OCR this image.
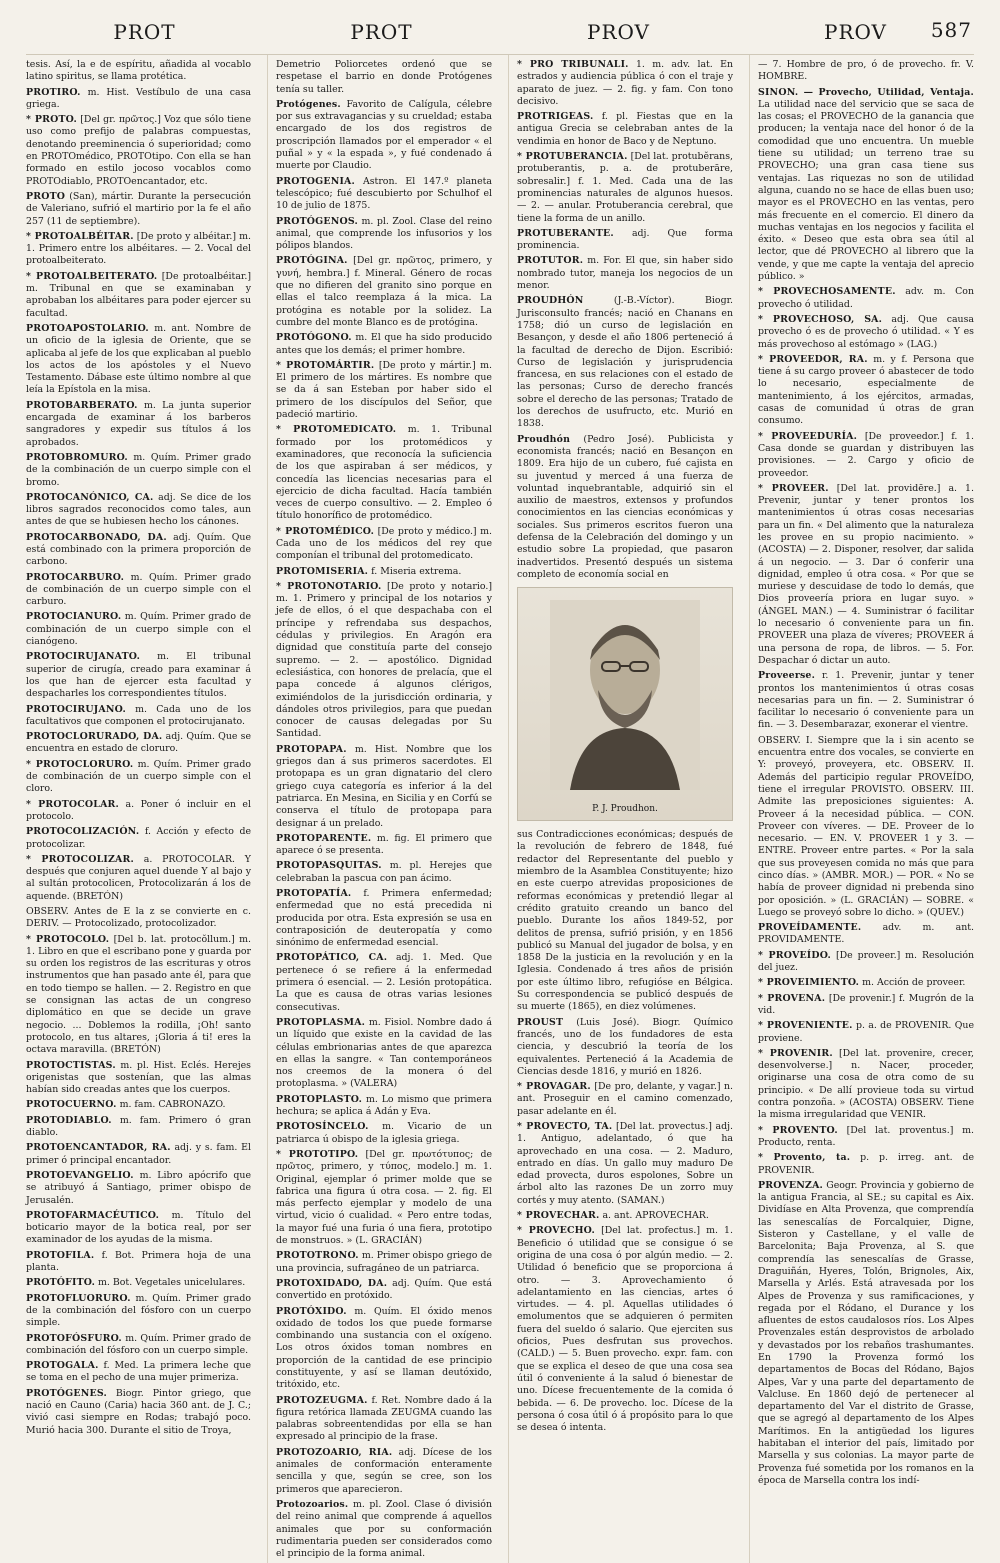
PROT	PROT	PROV	PROV 587

tesis. Así, la e de espíritu, añadida al vocablo latino spiritus, se llama protética.

PROTIRO. m. Hist. Vestíbulo de una casa griega.

* PROTO. [Del gr. πρῶτος.] Voz que sólo tiene uso como prefijo de palabras compuestas, denotando preeminencia ó superioridad; como en PROTOmédico, PROTOtipo. Con ella se han formado en estilo jocoso vocablos como PROTOdiablo, PROTOencantador, etc.

PROTO (San), mártir. Durante la persecución de Valeriano, sufrió el martirio por la fe el año 257 (11 de septiembre).

* PROTOALBÉITAR. [De proto y albéitar.] m. 1. Primero entre los albéitares. — 2. Vocal del protoalbeiterato.

* PROTOALBEITERATO. [De protoalbéitar.] m. Tribunal en que se examinaban y aprobaban los albéitares para poder ejercer su facultad.

PROTOAPOSTOLARIO. m. ant. Nombre de un oficio de la iglesia de Oriente, que se aplicaba al jefe de los que explicaban al pueblo los actos de los apóstoles y el Nuevo Testamento. Dábase este último nombre al que leía la Epístola en la misa.

PROTOBARBERATO. m. La junta superior encargada de examinar á los barberos sangradores y expedir sus títulos á los aprobados.

PROTOBROMURO. m. Quím. Primer grado de la combinación de un cuerpo simple con el bromo.

PROTOCANÓNICO, CA. adj. Se dice de los libros sagrados reconocidos como tales, aun antes de que se hubiesen hecho los cánones.

PROTOCARBONADO, DA. adj. Quím. Que está combinado con la primera proporción de carbono.

PROTOCARBURO. m. Quím. Primer grado de combinación de un cuerpo simple con el carburo.

PROTOCIANURO. m. Quím. Primer grado de combinación de un cuerpo simple con el cianógeno.

PROTOCIRUJANATO. m. El tribunal superior de cirugía, creado para examinar á los que han de ejercer esta facultad y despacharles los correspondientes títulos.

PROTOCIRUJANO. m. Cada uno de los facultativos que componen el protocirujanato.

PROTOCLORURADO, DA. adj. Quím. Que se encuentra en estado de cloruro.

* PROTOCLORURO. m. Quím. Primer grado de combinación de un cuerpo simple con el cloro.

* PROTOCOLAR. a. Poner ó incluir en el protocolo.

PROTOCOLIZACIÓN. f. Acción y efecto de protocolizar.

* PROTOCOLIZAR. a. PROTOCOLAR. Y después que conjuren aquel duende Y al bajo y al sultán protocolicen, Protocolizarán á los de aquende. (BRETÓN)

OBSERV. Antes de E la z se convierte en c. DERIV. — Protocolizado, protocolizador.

* PROTOCOLO. [Del b. lat. protocŏllum.] m. 1. Libro en que el escribano pone y guarda por su orden los registros de las escrituras y otros instrumentos que han pasado ante él, para que en todo tiempo se hallen. — 2. Registro en que se consignan las actas de un congreso diplomático en que se decide un grave negocio. ... Doblemos la rodilla, ¡Oh! santo protocolo, en tus altares, ¡Gloria á ti! eres la octava maravilla. (BRETÓN)

PROTOCTISTAS. m. pl. Hist. Eclés. Herejes origenistas que sostenían, que las almas habían sido creadas antes que los cuerpos.

PROTOCUERNO. m. fam. CABRONAZO.

PROTODIABLO. m. fam. Primero ó gran diablo.

PROTOENCANTADOR, RA. adj. y s. fam. El primer ó principal encantador.

PROTOEVANGELIO. m. Libro apócrifo que se atribuyó á Santiago, primer obispo de Jerusalén.

PROTOFARMACÉUTICO. m. Título del boticario mayor de la botica real, por ser examinador de los ayudas de la misma.

PROTOFILA. f. Bot. Primera hoja de una planta.

PROTÓFITO. m. Bot. Vegetales unicelulares.

PROTOFLUORURO. m. Quím. Primer grado de la combinación del fósforo con un cuerpo simple.

PROTOFÓSFURO. m. Quím. Primer grado de combinación del fósforo con un cuerpo simple.

PROTOGALA. f. Med. La primera leche que se toma en el pecho de una mujer primeriza.

PROTÓGENES. Biogr. Pintor griego, que nació en Cauno (Caria) hacia 360 ant. de J. C.; vivió casi siempre en Rodas; trabajó poco. Murió hacia 300. Durante el sitio de Troya,

Demetrio Poliorcetes ordenó que se respetase el barrio en donde Protógenes tenía su taller.

Protógenes. Favorito de Calígula, célebre por sus extravagancias y su crueldad; estaba encargado de los dos registros de proscripción llamados por el emperador « el puñal » y « la espada », y fué condenado á muerte por Claudio.

PROTOGENIA. Astron. El 147.º planeta telescópico; fué descubierto por Schulhof el 10 de julio de 1875.

PROTÓGENOS. m. pl. Zool. Clase del reino animal, que comprende los infusorios y los pólipos blandos.

PROTÓGINA. [Del gr. πρῶτος, primero, y γυνή, hembra.] f. Mineral. Género de rocas que no difieren del granito sino porque en ellas el talco reemplaza á la mica. La protógina es notable por la solidez. La cumbre del monte Blanco es de protógina.

PROTÓGONO. m. El que ha sido producido antes que los demás; el primer hombre.

* PROTOMÁRTIR. [De proto y mártir.] m. El primero de los mártires. Es nombre que se da á san Esteban por haber sido el primero de los discípulos del Señor, que padeció martirio.

* PROTOMEDICATO. m. 1. Tribunal formado por los protomédicos y examinadores, que reconocía la suficiencia de los que aspiraban á ser médicos, y concedía las licencias necesarias para el ejercicio de dicha facultad. Hacía también veces de cuerpo consultivo. — 2. Empleo ó título honorífico de protomédico.

* PROTOMÉDICO. [De proto y médico.] m. Cada uno de los médicos del rey que componían el tribunal del protomedicato.

PROTOMISERIA. f. Miseria extrema.

* PROTONOTARIO. [De proto y notario.] m. 1. Primero y principal de los notarios y jefe de ellos, ó el que despachaba con el príncipe y refrendaba sus despachos, cédulas y privilegios. En Aragón era dignidad que constituía parte del consejo supremo. — 2. — apostólico. Dignidad eclesiástica, con honores de prelacía, que el papa concede á algunos clérigos, eximiéndolos de la jurisdicción ordinaria, y dándoles otros privilegios, para que puedan conocer de causas delegadas por Su Santidad.

PROTOPAPA. m. Hist. Nombre que los griegos dan á sus primeros sacerdotes. El protopapa es un gran dignatario del clero griego cuya categoría es inferior á la del patriarca. En Mesina, en Sicilia y en Corfú se conserva el título de protopapa para designar á un prelado.

PROTOPARENTE. m. fig. El primero que aparece ó se presenta.

PROTOPASQUITAS. m. pl. Herejes que celebraban la pascua con pan ácimo.

PROTOPATÍA. f. Primera enfermedad; enfermedad que no está precedida ni producida por otra. Esta expresión se usa en contraposición de deuteropatía y como sinónimo de enfermedad esencial.

PROTOPÁTICO, CA. adj. 1. Med. Que pertenece ó se refiere á la enfermedad primera ó esencial. — 2. Lesión protopática. La que es causa de otras varias lesiones consecutivas.

PROTOPLASMA. m. Fisiol. Nombre dado á un líquido que existe en la cavidad de las células embrionarias antes de que aparezca en ellas la sangre. « Tan contemporáneos nos creemos de la monera ó del protoplasma. » (VALERA)

PROTOPLASTO. m. Lo mismo que primera hechura; se aplica á Adán y Eva.

PROTOSÍNCELO. m. Vicario de un patriarca ú obispo de la iglesia griega.

* PROTOTIPO. [Del gr. πρωτότυπος; de πρῶτος, primero, y τύπος, modelo.] m. 1. Original, ejemplar ó primer molde que se fabrica una figura ú otra cosa. — 2. fig. El más perfecto ejemplar y modelo de una virtud, vicio ó cualidad. « Pero entre todas, la mayor fué una furia ó una fiera, prototipo de monstruos. » (L. GRACIÁN)

PROTOTRONO. m. Primer obispo griego de una provincia, sufragáneo de un patriarca.

PROTOXIDADO, DA. adj. Quím. Que está convertido en protóxido.

PROTÓXIDO. m. Quím. El óxido menos oxidado de todos los que puede formarse combinando una sustancia con el oxígeno. Los otros óxidos toman nombres en proporción de la cantidad de ese principio constituyente, y así se llaman deutóxido, tritóxido, etc.

PROTOZEUGMA. f. Ret. Nombre dado á la figura retórica llamada ZEUGMA cuando las palabras sobreentendidas por ella se han expresado al principio de la frase.

PROTOZOARIO, RIA. adj. Dícese de los animales de conformación enteramente sencilla y que, según se cree, son los primeros que aparecieron.

Protozoarios. m. pl. Zool. Clase ó división del reino animal que comprende á aquellos animales que por su conformación rudimentaria pueden ser considerados como el principio de la forma animal.

* PRO TRIBUNALI. 1. m. adv. lat. En estrados y audiencia pública ó con el traje y aparato de juez. — 2. fig. y fam. Con tono decisivo.

PROTRIGEAS. f. pl. Fiestas que en la antigua Grecia se celebraban antes de la vendimia en honor de Baco y de Neptuno.

* PROTUBERANCIA. [Del lat. protubĕrans, protuberantis, p. a. de protuberāre, sobresalir.] f. 1. Med. Cada una de las prominencias naturales de algunos huesos. — 2. — anular. Protuberancia cerebral, que tiene la forma de un anillo.

PROTUBERANTE. adj. Que forma prominencia.

PROTUTOR. m. For. El que, sin haber sido nombrado tutor, maneja los negocios de un menor.

PROUDHÓN	(J.-B.-Víctor). Biogr. Jurisconsulto francés; nació en Chanans en 1758; dió un curso de legislación en Besançon, y desde el año 1806 perteneció á la facultad de derecho de Dijon. Escribió: Curso de legislación y jurisprudencia francesa, en sus relaciones con el estado de las personas; Curso de derecho francés sobre el derecho de las personas; Tratado de los derechos de usufructo, etc. Murió en 1838.

Proudhón (Pedro José). Publicista y economista francés; nació en Besançon en 1809. Era hijo de un cubero, fué cajista en su juventud y merced á una fuerza de voluntad inquebrantable, adquirió sin el auxilio de maestros, extensos y profundos conocimientos en las ciencias económicas y sociales. Sus primeros escritos fueron una defensa de la Celebración del domingo y un estudio sobre La propiedad, que pasaron inadvertidos. Presentó después un sistema completo de economía social en

P. J. Proudhon.

sus Contradicciones económicas; después de la revolución de febrero de 1848, fué redactor del Representante del pueblo y miembro de la Asamblea Constituyente; hizo en este cuerpo atrevidas proposiciones de reformas económicas y pretendió llegar al crédito gratuito creando un banco del pueblo. Durante los años 1849-52, por delitos de prensa, sufrió prisión, y en 1856 publicó su Manual del jugador de bolsa, y en 1858 De la justicia en la revolución y en la Iglesia. Condenado á tres años de prisión por este último libro, refugióse en Bélgica. Su correspondencia se publicó después de su muerte (1865), en diez volúmenes.

PROUST (Luis José). Biogr. Químico francés, uno de los fundadores de esta ciencia, y descubrió la teoría de los equivalentes. Perteneció á la Academia de Ciencias desde 1816, y murió en 1826.

* PROVAGAR. [De pro, delante, y vagar.] n. ant. Proseguir en el camino comenzado, pasar adelante en él.

* PROVECTO, TA. [Del lat. provectus.] adj. 1. Antiguo, adelantado, ó que ha aprovechado en una cosa. — 2. Maduro, entrado en días. Un gallo muy maduro De edad provecta, duros espolones, Sobre un árbol alto las razones De un zorro muy cortés y muy atento. (SAMAN.)

* PROVECHAR. a. ant. APROVECHAR.

* PROVECHO. [Del lat. profectus.] m. 1. Beneficio ó utilidad que se consigue ó se origina de una cosa ó por algún medio. — 2. Utilidad ó beneficio que se proporciona á otro. — 3. Aprovechamiento ó adelantamiento en las ciencias, artes ó virtudes. — 4. pl. Aquellas utilidades ó emolumentos que se adquieren ó permiten fuera del sueldo ó salario. Que ejerciten sus oficios, Pues desfrutan sus provechos. (CALD.) — 5. Buen provecho. expr. fam. con que se explica el deseo de que una cosa sea útil ó conveniente á la salud ó bienestar de uno. Dícese frecuentemente de la comida ó bebida. — 6. De provecho. loc. Dícese de la persona ó cosa útil ó á propósito para lo que se desea ó intenta.

— 7. Hombre de pro, ó de provecho. fr. V. HOMBRE.

SINON. — Provecho, Utilidad, Ventaja. La utilidad nace del servicio que se saca de las cosas; el PROVECHO de la ganancia que producen; la ventaja nace del honor ó de la comodidad que uno encuentra. Un mueble tiene su utilidad; un terreno trae su PROVECHO; una gran casa tiene sus ventajas. Las riquezas no son de utilidad alguna, cuando no se hace de ellas buen uso; mayor es el PROVECHO en las ventas, pero más frecuente en el comercio. El dinero da muchas ventajas en los negocios y facilita el éxito. « Deseo que esta obra sea útil al lector, que dé PROVECHO al librero que la vende, y que me capte la ventaja del aprecio público. »

* PROVECHOSAMENTE. adv. m. Con provecho ó utilidad.

* PROVECHOSO, SA. adj. Que causa provecho ó es de provecho ó utilidad. « Y es más provechoso al estómago » (LAG.)

* PROVEEDOR, RA. m. y f. Persona que tiene á su cargo proveer ó abastecer de todo lo necesario, especialmente de mantenimiento, á los ejércitos, armadas, casas de comunidad ú otras de gran consumo.

* PROVEEDURÍA. [De proveedor.] f. 1. Casa donde se guardan y distribuyen las provisiones. — 2. Cargo y oficio de proveedor.

* PROVEER. [Del lat. providēre.] a. 1. Prevenir, juntar y tener prontos los mantenimientos ú otras cosas necesarias para un fin. « Del alimento que la naturaleza les provee en su propio nacimiento. » (ACOSTA) — 2. Disponer, resolver, dar salida á un negocio. — 3. Dar ó conferir una dignidad, empleo ú otra cosa. « Por que se muriese y descuidase de todo lo demás, que Dios proveería priora en lugar suyo. » (ÁNGEL MAN.) — 4. Suministrar ó facilitar lo necesario ó conveniente para un fin. PROVEER una plaza de víveres; PROVEER á una persona de ropa, de libros. — 5. For. Despachar ó dictar un auto.

Proveerse. r. 1. Prevenir, juntar y tener prontos los mantenimientos ú otras cosas necesarias para un fin. — 2. Suministrar ó facilitar lo necesario ó conveniente para un fin. — 3. Desembarazar, exonerar el vientre.

OBSERV. I. Siempre que la i sin acento se encuentra entre dos vocales, se convierte en Y: proveyó, proveyera, etc. OBSERV. II. Además del participio regular PROVEÍDO, tiene el irregular PROVISTO. OBSERV. III. Admite las preposiciones siguientes: A. Proveer á la necesidad pública. — CON. Proveer con víveres. — DE. Proveer de lo necesario. — EN. V. PROVEER 1 y 3. — ENTRE. Proveer entre partes. « Por la sala que sus proveyesen comida no más que para cinco días. » (AMBR. MOR.) — POR. « No se había de proveer dignidad ni prebenda sino por oposición. » (L. GRACIÁN) — SOBRE. « Luego se proveyó sobre lo dicho. » (QUEV.)

PROVEÍDAMENTE. adv. m. ant. PROVIDAMENTE.

* PROVEÍDO. [De proveer.] m. Resolución del juez.

* PROVEIMIENTO. m. Acción de proveer.

* PROVENA. [De provenir.] f. Mugrón de la vid.

* PROVENIENTE. p. a. de PROVENIR. Que proviene.

* PROVENIR. [Del lat. provenire, crecer, desenvolverse.] n. Nacer, proceder, originarse una cosa de otra como de su principio. « De allí provieue toda su virtud contra ponzoña. » (ACOSTA) OBSERV. Tiene la misma irregularidad que VENIR.

* PROVENTO. [Del lat. proventus.] m. Producto, renta.

* Provento, ta. p. p. irreg. ant. de PROVENIR.

PROVENZA. Geogr. Provincia y gobierno de la antigua Francia, al SE.; su capital es Aix. Dividíase en Alta Provenza, que comprendía las senescalías de Forcalquier, Digne, Sisteron y Castellane, y el valle de Barcelonita; Baja Provenza, al S. que comprendía las senescalías de Grasse, Draguiñán, Hyeres, Tolón, Brignoles, Aix, Marsella y Arlés. Está atravesada por los Alpes de Provenza y sus ramificaciones, y regada por el Ródano, el Durance y los afluentes de estos caudalosos ríos. Los Alpes Provenzales están desprovistos de arbolado y devastados por los rebaños trashumantes. En 1790 la Provenza formó los departamentos de Bocas del Ródano, Bajos Alpes, Var y una parte del departamento de Valcluse. En 1860 dejó de pertenecer al departamento del Var el distrito de Grasse, que se agregó al departamento de los Alpes Marítimos. En la antigüedad los ligures habitaban el interior del país, limitado por Marsella y sus colonias. La mayor parte de Provenza fué sometida por los romanos en la época de Marsella contra los indí-
